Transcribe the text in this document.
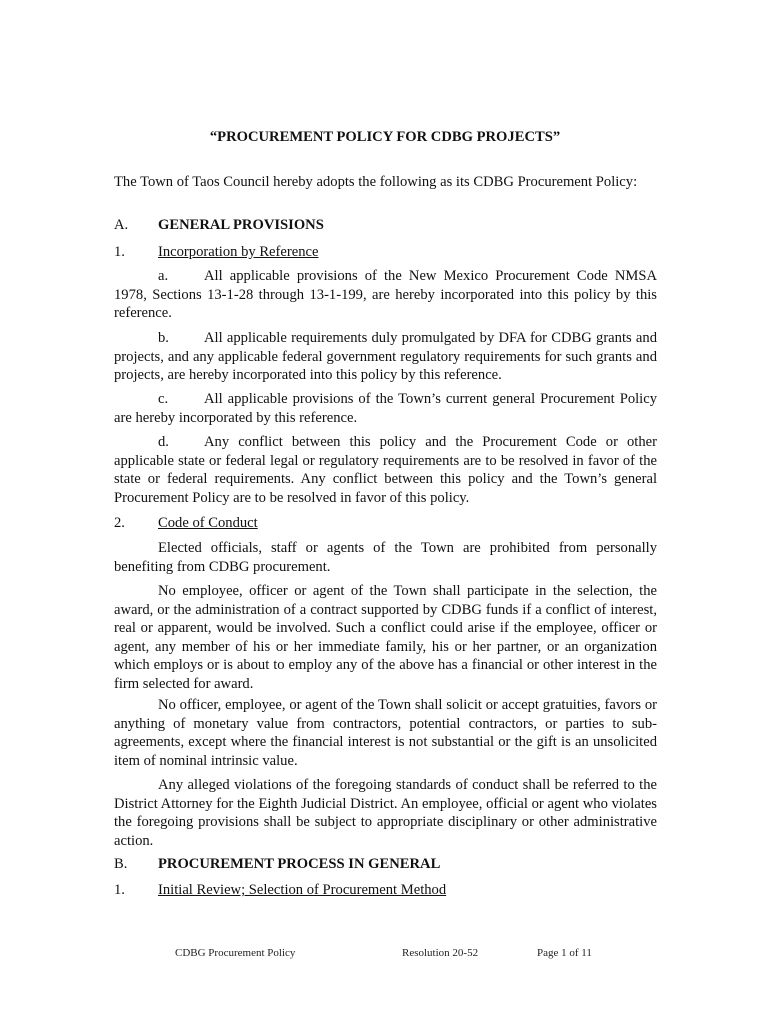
“PROCUREMENT POLICY FOR CDBG PROJECTS”

The Town of Taos Council hereby adopts the following as its CDBG Procurement Policy:

A. GENERAL PROVISIONS

1. Incorporation by Reference

a. All applicable provisions of the New Mexico Procurement Code NMSA 1978, Sections 13-1-28 through 13-1-199, are hereby incorporated into this policy by this reference.

b. All applicable requirements duly promulgated by DFA for CDBG grants and projects, and any applicable federal government regulatory requirements for such grants and projects, are hereby incorporated into this policy by this reference.

c. All applicable provisions of the Town’s current general Procurement Policy are hereby incorporated by this reference.

d. Any conflict between this policy and the Procurement Code or other applicable state or federal legal or regulatory requirements are to be resolved in favor of the state or federal requirements. Any conflict between this policy and the Town’s general Procurement Policy are to be resolved in favor of this policy.

2. Code of Conduct

Elected officials, staff or agents of the Town are prohibited from personally benefiting from CDBG procurement.

No employee, officer or agent of the Town shall participate in the selection, the award, or the administration of a contract supported by CDBG funds if a conflict of interest, real or apparent, would be involved. Such a conflict could arise if the employee, officer or agent, any member of his or her immediate family, his or her partner, or an organization which employs or is about to employ any of the above has a financial or other interest in the firm selected for award.

No officer, employee, or agent of the Town shall solicit or accept gratuities, favors or anything of monetary value from contractors, potential contractors, or parties to sub-agreements, except where the financial interest is not substantial or the gift is an unsolicited item of nominal intrinsic value.

Any alleged violations of the foregoing standards of conduct shall be referred to the District Attorney for the Eighth Judicial District. An employee, official or agent who violates the foregoing provisions shall be subject to appropriate disciplinary or other administrative action.

B. PROCUREMENT PROCESS IN GENERAL

1. Initial Review; Selection of Procurement Method

CDBG Procurement Policy	Resolution 20-52	Page 1 of 11
